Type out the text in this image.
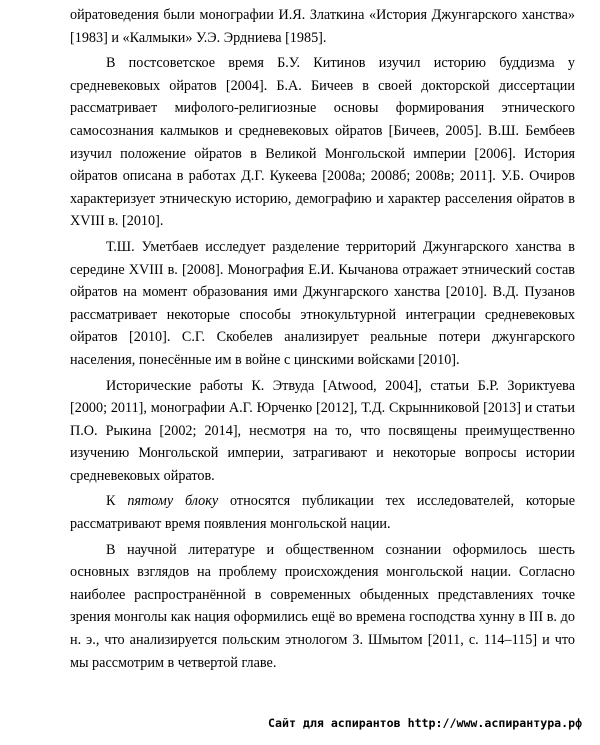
ойратоведения были монографии И.Я. Златкина «История Джунгарского ханства» [1983] и «Калмыки» У.Э. Эрдниева [1985].

В постсоветское время Б.У. Китинов изучил историю буддизма у средневековых ойратов [2004]. Б.А. Бичеев в своей докторской диссертации рассматривает мифолого-религиозные основы формирования этнического самосознания калмыков и средневековых ойратов [Бичеев, 2005]. В.Ш. Бембеев изучил положение ойратов в Великой Монгольской империи [2006]. История ойратов описана в работах Д.Г. Кукеева [2008а; 2008б; 2008в; 2011]. У.Б. Очиров характеризует этническую историю, демографию и характер расселения ойратов в XVIII в. [2010].

Т.Ш. Уметбаев исследует разделение территорий Джунгарского ханства в середине XVIII в. [2008]. Монография Е.И. Кычанова отражает этнический состав ойратов на момент образования ими Джунгарского ханства [2010]. В.Д. Пузанов рассматривает некоторые способы этнокультурной интеграции средневековых ойратов [2010]. С.Г. Скобелев анализирует реальные потери джунгарского населения, понесённые им в войне с цинскими войсками [2010].

Исторические работы К. Этвуда [Atwood, 2004], статьи Б.Р. Зориктуева [2000; 2011], монографии А.Г. Юрченко [2012], Т.Д. Скрынниковой [2013] и статьи П.О. Рыкина [2002; 2014], несмотря на то, что посвящены преимущественно изучению Монгольской империи, затрагивают и некоторые вопросы истории средневековых ойратов.

К пятому блоку относятся публикации тех исследователей, которые рассматривают время появления монгольской нации.

В научной литературе и общественном сознании оформилось шесть основных взглядов на проблему происхождения монгольской нации. Согласно наиболее распространённой в современных обыденных представлениях точке зрения монголы как нация оформились ещё во времена господства хунну в III в. до н. э., что анализируется польским этнологом З. Шмытом [2011, с. 114–115] и что мы рассмотрим в четвертой главе.

Сайт для аспирантов http://www.аспирантура.рф
